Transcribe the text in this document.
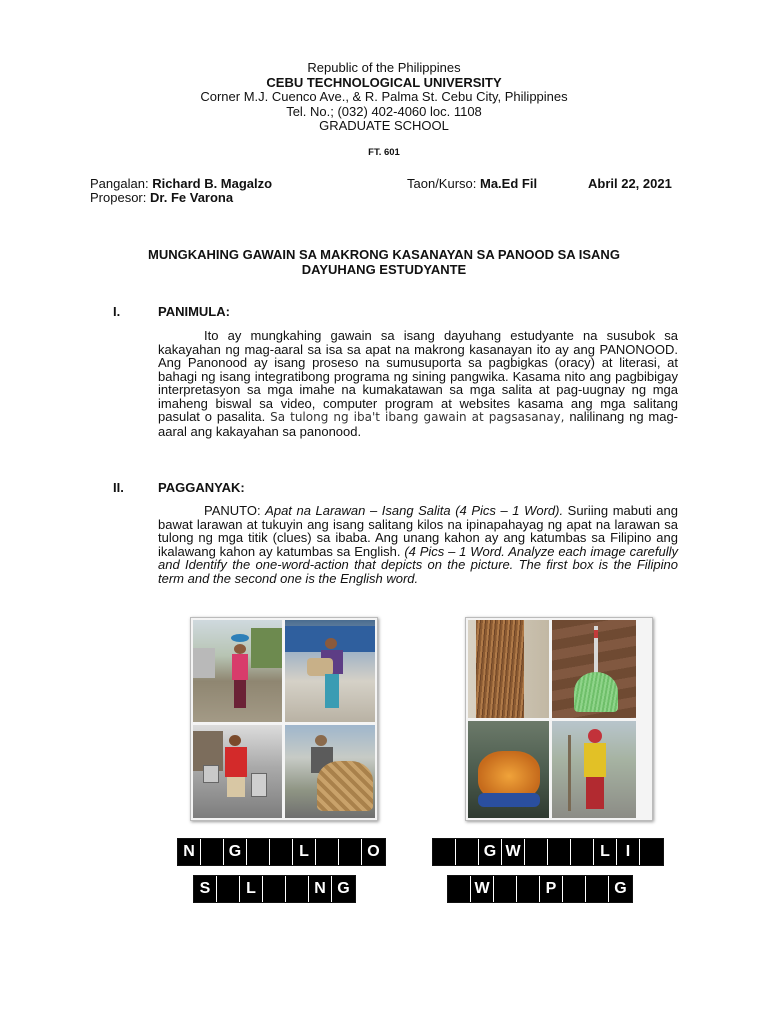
Republic of the Philippines
CEBU TECHNOLOGICAL UNIVERSITY
Corner M.J. Cuenco Ave., & R. Palma St. Cebu City, Philippines
Tel. No.; (032) 402-4060 loc. 1108
GRADUATE SCHOOL
FT. 601
Pangalan: Richard B. Magalzo	Taon/Kurso: Ma.Ed Fil	Abril 22, 2021
Propesor: Dr. Fe Varona
MUNGKAHING GAWAIN SA MAKRONG KASANAYAN SA PANOOD SA ISANG
DAYUHANG ESTUDYANTE
I.	PANIMULA:

Ito ay mungkahing gawain sa isang dayuhang estudyante na susubok sa kakayahan ng mag-aaral sa isa sa apat na makrong kasanayan ito ay ang PANONOOD. Ang Panonood ay isang proseso na sumusuporta sa pagbigkas (oracy) at literasi, at bahagi ng isang integratibong programa ng sining pangwika. Kasama nito ang pagbibigay interpretasyon sa mga imahe na kumakatawan sa mga salita at pag-uugnay ng mga imaheng biswal sa video, computer program at websites kasama ang mga salitang pasulat o pasalita. Sa tulong ng iba't ibang gawain at pagsasanay, nalilinang ng mag-aaral ang kakayahan sa panonood.

II.	PAGGANYAK:

PANUTO: Apat na Larawan – Isang Salita (4 Pics – 1 Word). Suriing mabuti ang bawat larawan at tukuyin ang isang salitang kilos na ipinapahayag ng apat na larawan sa tulong ng mga titik (clues) sa ibaba. Ang unang kahon ay ang katumbas sa Filipino ang ikalawang kahon ay katumbas sa English. (4 Pics – 1 Word. Analyze each image carefully and Identify the one-word-action that depicts on the picture. The first box is the Filipino term and the second one is the English word.

N	G	L	O
S	L	N G
G W	L I
W	P	G
